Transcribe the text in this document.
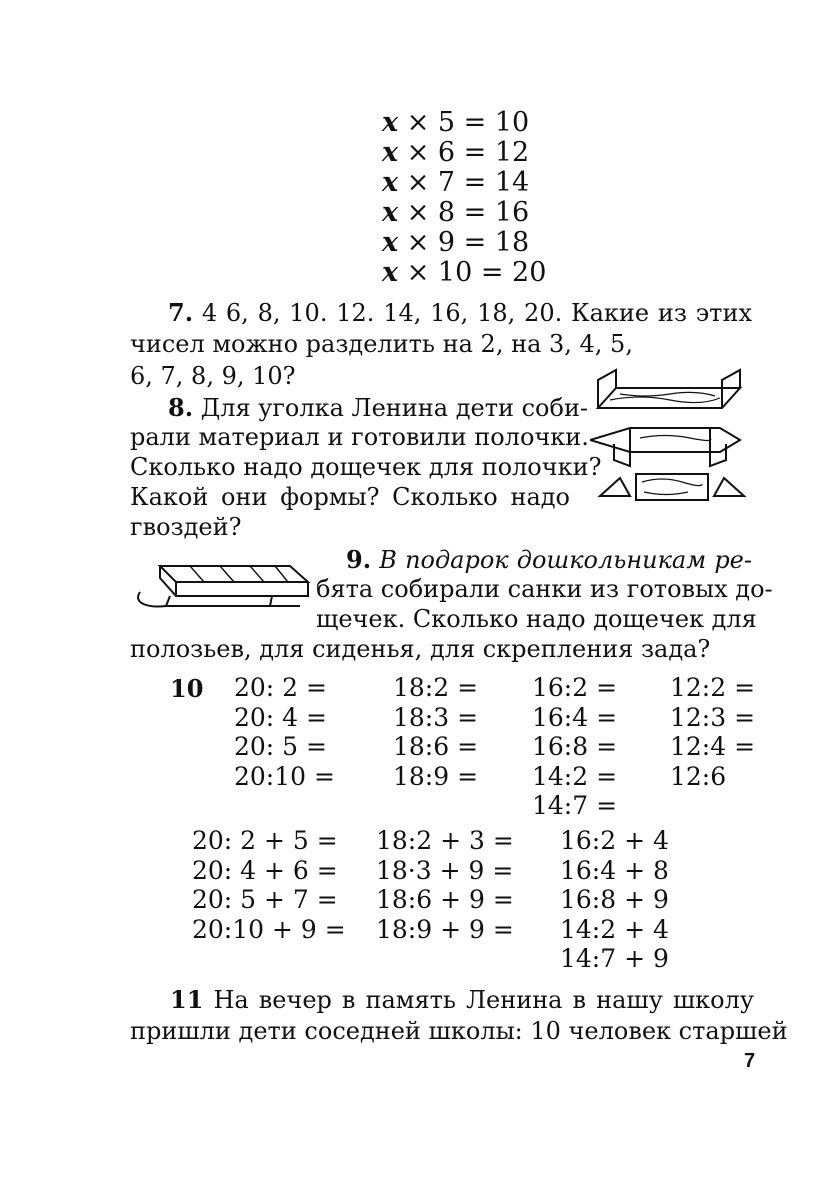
x × 5 = 10
x × 6 = 12
x × 7 = 14
x × 8 = 16
x × 9 = 18
x × 10 = 20
7. 4 6, 8, 10. 12. 14, 16, 18, 20. Какие из этих
чисел можно разделить на 2, на 3, 4, 5,
6, 7, 8, 9, 10?
8. Для уголка Ленина дети соби-
рали материал и готовили полочки.
Сколько надо дощечек для полочки?
Какой они формы? Сколько надо
гвоздей?
9. В подарок дошкольникам ре-
бята собирали санки из готовых до-
щечек. Сколько надо дощечек для
полозьев, для сиденья, для скрепления зада?
10 20: 2 =
20: 4 =
20: 5 =
20:10 =
18:2 =
18:3 =
18:6 =
18:9 =
16:2 =
16:4 =
16:8 =
14:2 =
14:7 =
12:2 =
12:3 =
12:4 =
12:6
20: 2 + 5 =
20: 4 + 6 =
20: 5 + 7 =
20:10 + 9 =
18:2 + 3 =
18·3 + 9 =
18:6 + 9 =
18:9 + 9 =
16:2 + 4
16:4 + 8
16:8 + 9
14:2 + 4
14:7 + 9
11 На вечер в память Ленина в нашу школу
пришли дети соседней школы: 10 человек старшей
7
